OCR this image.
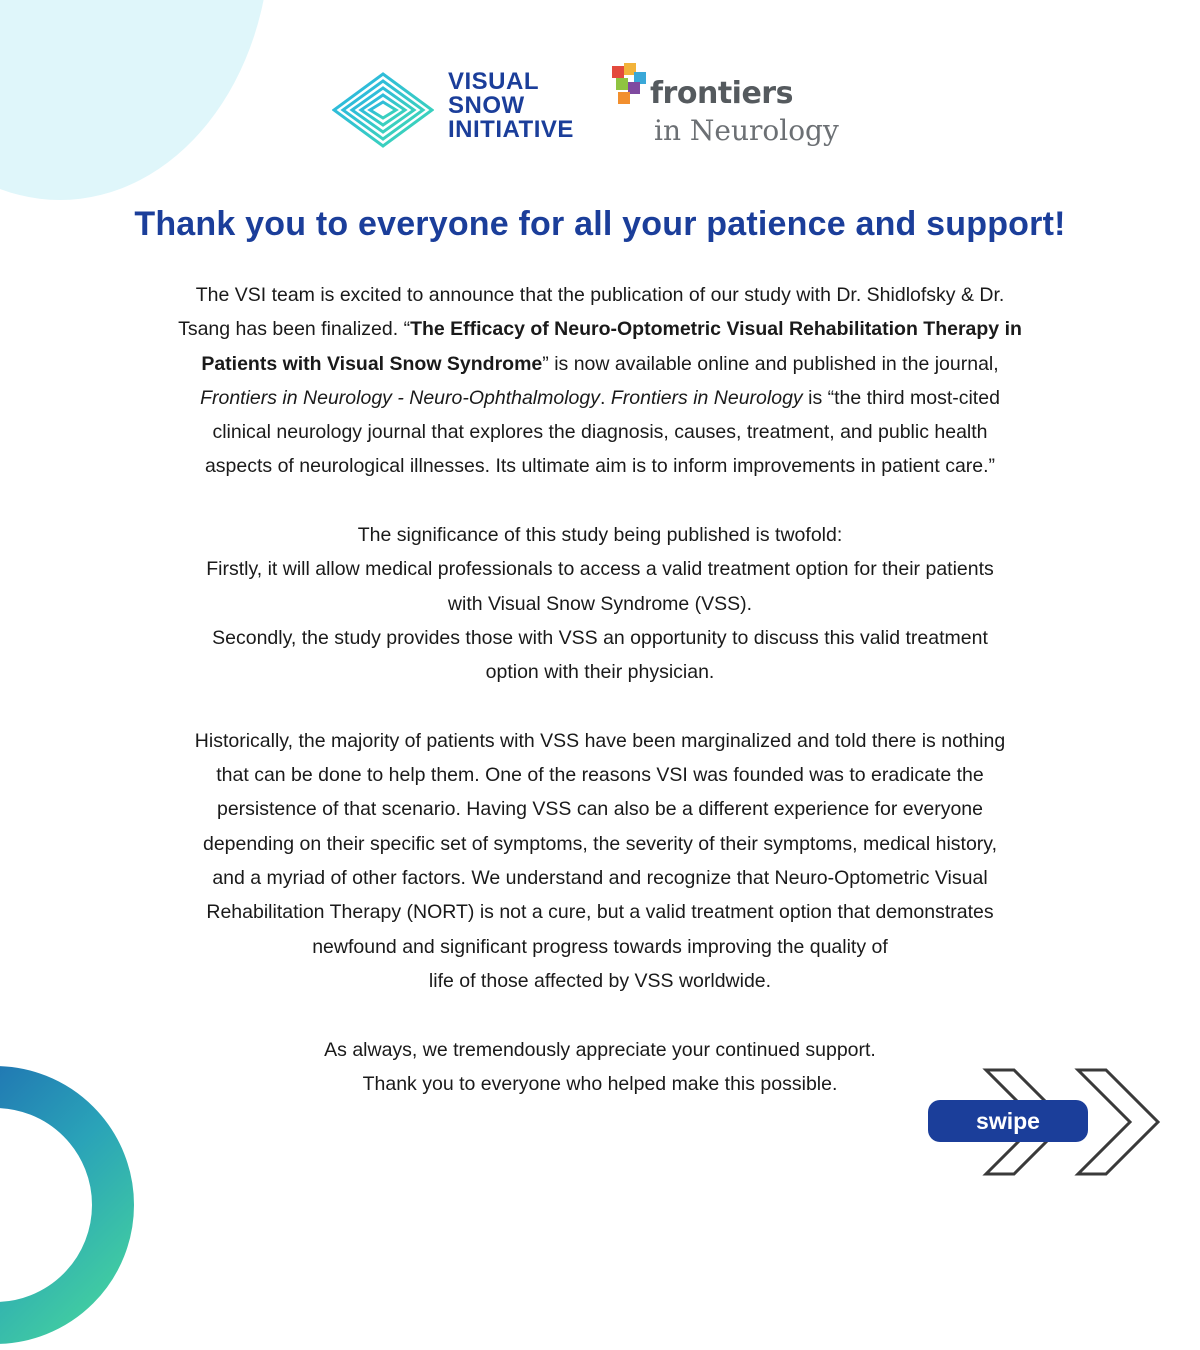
VISUAL
SNOW
INITIATIVE
frontiers
in Neurology
Thank you to everyone for all your patience and support!

The VSI team is excited to announce that the publication of our study with Dr. Shidlofsky & Dr.
Tsang has been finalized. “The Efficacy of Neuro-Optometric Visual Rehabilitation Therapy in
Patients with Visual Snow Syndrome” is now available online and published in the journal,
Frontiers in Neurology - Neuro-Ophthalmology. Frontiers in Neurology is “the third most-cited
clinical neurology journal that explores the diagnosis, causes, treatment, and public health
aspects of neurological illnesses. Its ultimate aim is to inform improvements in patient care.”

The significance of this study being published is twofold:
Firstly, it will allow medical professionals to access a valid treatment option for their patients
with Visual Snow Syndrome (VSS).
Secondly, the study provides those with VSS an opportunity to discuss this valid treatment
option with their physician.

Historically, the majority of patients with VSS have been marginalized and told there is nothing
that can be done to help them. One of the reasons VSI was founded was to eradicate the
persistence of that scenario. Having VSS can also be a different experience for everyone
depending on their specific set of symptoms, the severity of their symptoms, medical history,
and a myriad of other factors. We understand and recognize that Neuro-Optometric Visual
Rehabilitation Therapy (NORT) is not a cure, but a valid treatment option that demonstrates
newfound and significant progress towards improving the quality of
life of those affected by VSS worldwide.

As always, we tremendously appreciate your continued support.
Thank you to everyone who helped make this possible.

swipe
